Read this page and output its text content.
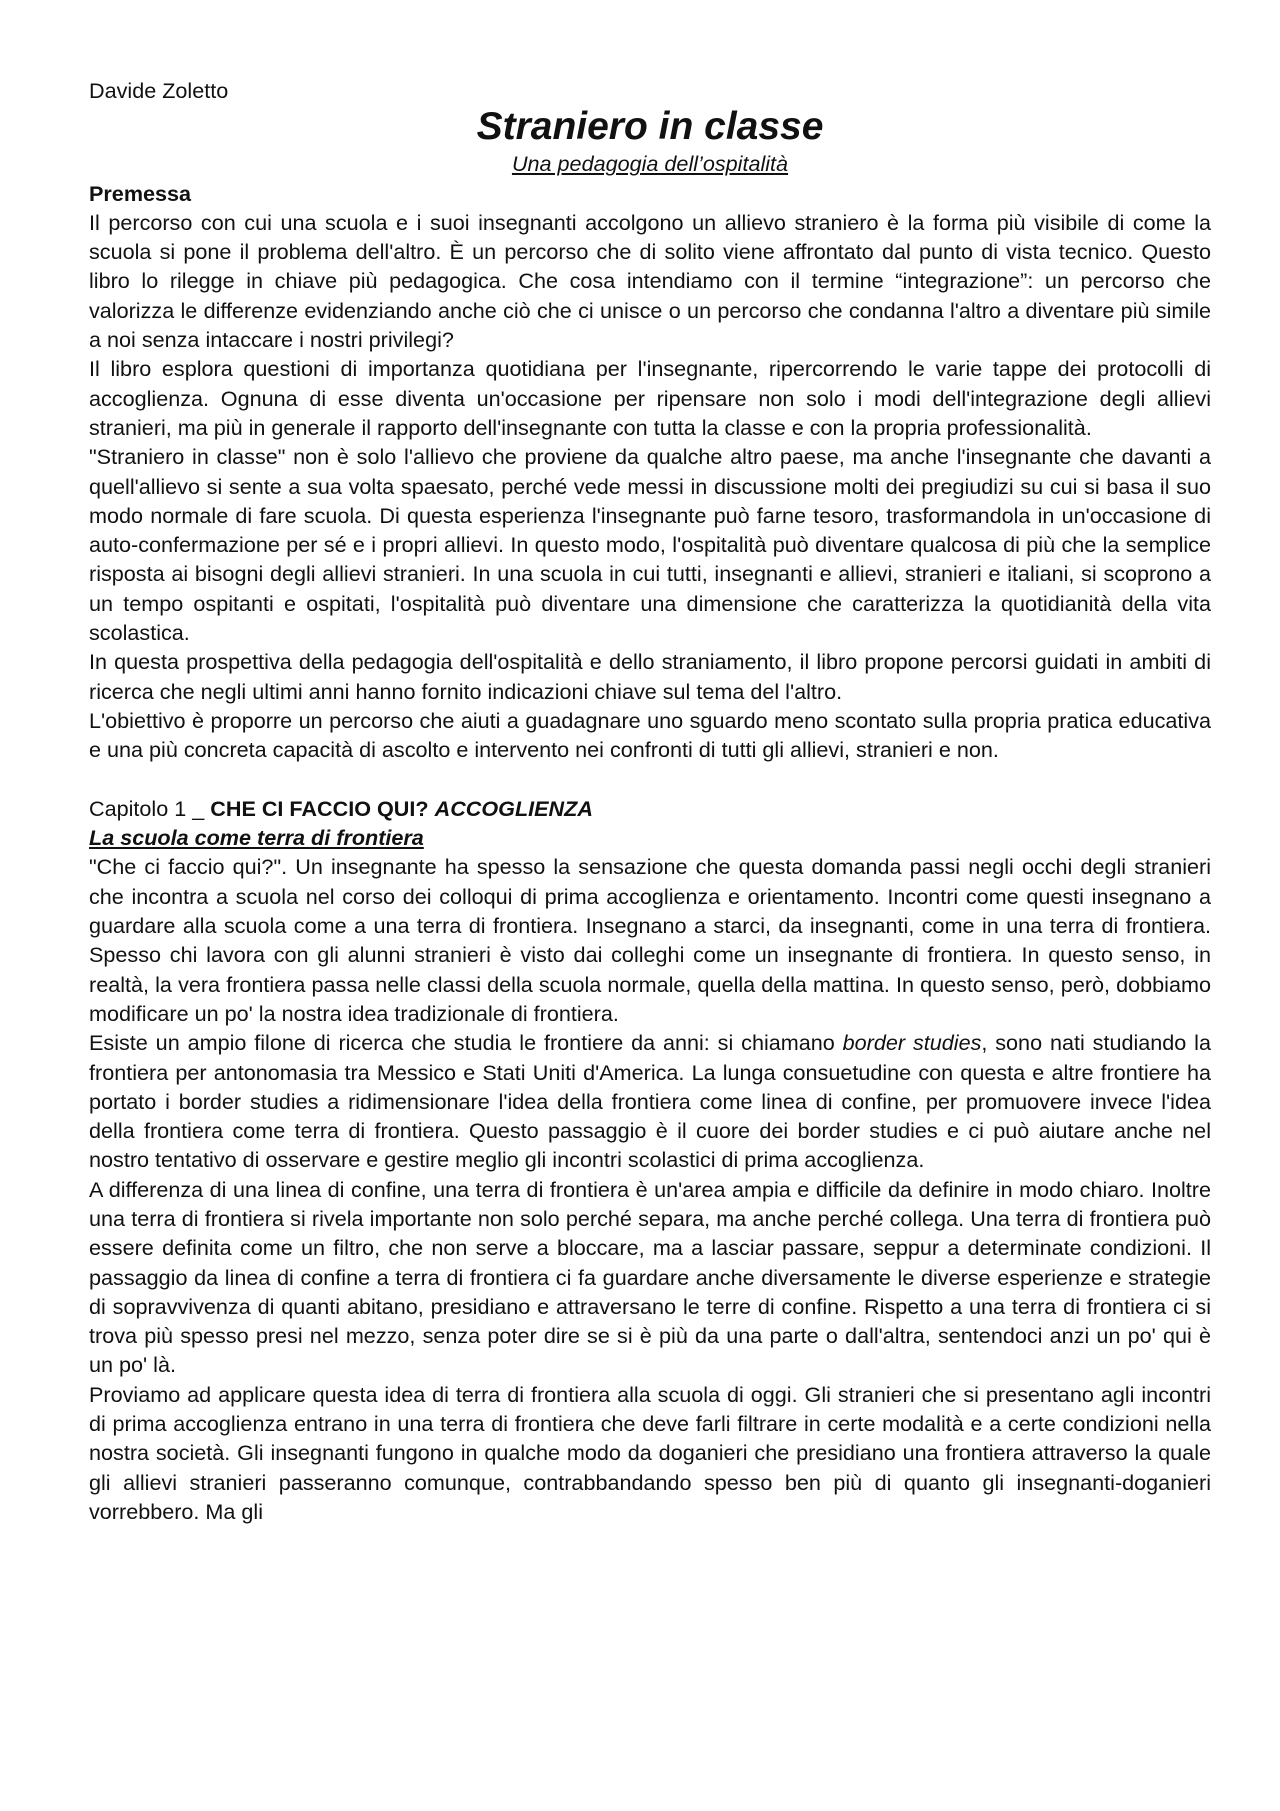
Davide Zoletto

Straniero in classe

Una pedagogia dell’ospitalità

Premessa

Il percorso con cui una scuola e i suoi insegnanti accolgono un allievo straniero è la forma più visibile di come la scuola si pone il problema dell'altro. È un percorso che di solito viene affrontato dal punto di vista tecnico. Questo libro lo rilegge in chiave più pedagogica. Che cosa intendiamo con il termine “integrazione”: un percorso che valorizza le differenze evidenziando anche ciò che ci unisce o un percorso che condanna l'altro a diventare più simile a noi senza intaccare i nostri privilegi?

Il libro esplora questioni di importanza quotidiana per l'insegnante, ripercorrendo le varie tappe dei protocolli di accoglienza. Ognuna di esse diventa un'occasione per ripensare non solo i modi dell'integrazione degli allievi stranieri, ma più in generale il rapporto dell'insegnante con tutta la classe e con la propria professionalità.

"Straniero in classe" non è solo l'allievo che proviene da qualche altro paese, ma anche l'insegnante che davanti a quell'allievo si sente a sua volta spaesato, perché vede messi in discussione molti dei pregiudizi su cui si basa il suo modo normale di fare scuola. Di questa esperienza l'insegnante può farne tesoro, trasformandola in un'occasione di auto-confermazione per sé e i propri allievi. In questo modo, l'ospitalità può diventare qualcosa di più che la semplice risposta ai bisogni degli allievi stranieri. In una scuola in cui tutti, insegnanti e allievi, stranieri e italiani, si scoprono a un tempo ospitanti e ospitati, l'ospitalità può diventare una dimensione che caratterizza la quotidianità della vita scolastica.

In questa prospettiva della pedagogia dell'ospitalità e dello straniamento, il libro propone percorsi guidati in ambiti di ricerca che negli ultimi anni hanno fornito indicazioni chiave sul tema del l'altro.

L'obiettivo è proporre un percorso che aiuti a guadagnare uno sguardo meno scontato sulla propria pratica educativa e una più concreta capacità di ascolto e intervento nei confronti di tutti gli allievi, stranieri e non.

Capitolo 1 _ CHE CI FACCIO QUI? ACCOGLIENZA

La scuola come terra di frontiera

"Che ci faccio qui?". Un insegnante ha spesso la sensazione che questa domanda passi negli occhi degli stranieri che incontra a scuola nel corso dei colloqui di prima accoglienza e orientamento. Incontri come questi insegnano a guardare alla scuola come a una terra di frontiera. Insegnano a starci, da insegnanti, come in una terra di frontiera. Spesso chi lavora con gli alunni stranieri è visto dai colleghi come un insegnante di frontiera. In questo senso, in realtà, la vera frontiera passa nelle classi della scuola normale, quella della mattina. In questo senso, però, dobbiamo modificare un po' la nostra idea tradizionale di frontiera.

Esiste un ampio filone di ricerca che studia le frontiere da anni: si chiamano border studies, sono nati studiando la frontiera per antonomasia tra Messico e Stati Uniti d'America. La lunga consuetudine con questa e altre frontiere ha portato i border studies a ridimensionare l'idea della frontiera come linea di confine, per promuovere invece l'idea della frontiera come terra di frontiera. Questo passaggio è il cuore dei border studies e ci può aiutare anche nel nostro tentativo di osservare e gestire meglio gli incontri scolastici di prima accoglienza.

A differenza di una linea di confine, una terra di frontiera è un'area ampia e difficile da definire in modo chiaro. Inoltre una terra di frontiera si rivela importante non solo perché separa, ma anche perché collega. Una terra di frontiera può essere definita come un filtro, che non serve a bloccare, ma a lasciar passare, seppur a determinate condizioni. Il passaggio da linea di confine a terra di frontiera ci fa guardare anche diversamente le diverse esperienze e strategie di sopravvivenza di quanti abitano, presidiano e attraversano le terre di confine. Rispetto a una terra di frontiera ci si trova più spesso presi nel mezzo, senza poter dire se si è più da una parte o dall'altra, sentendoci anzi un po' qui è un po' là.

Proviamo ad applicare questa idea di terra di frontiera alla scuola di oggi. Gli stranieri che si presentano agli incontri di prima accoglienza entrano in una terra di frontiera che deve farli filtrare in certe modalità e a certe condizioni nella nostra società. Gli insegnanti fungono in qualche modo da doganieri che presidiano una frontiera attraverso la quale gli allievi stranieri passeranno comunque, contrabbandando spesso ben più di quanto gli insegnanti-doganieri vorrebbero. Ma gli
